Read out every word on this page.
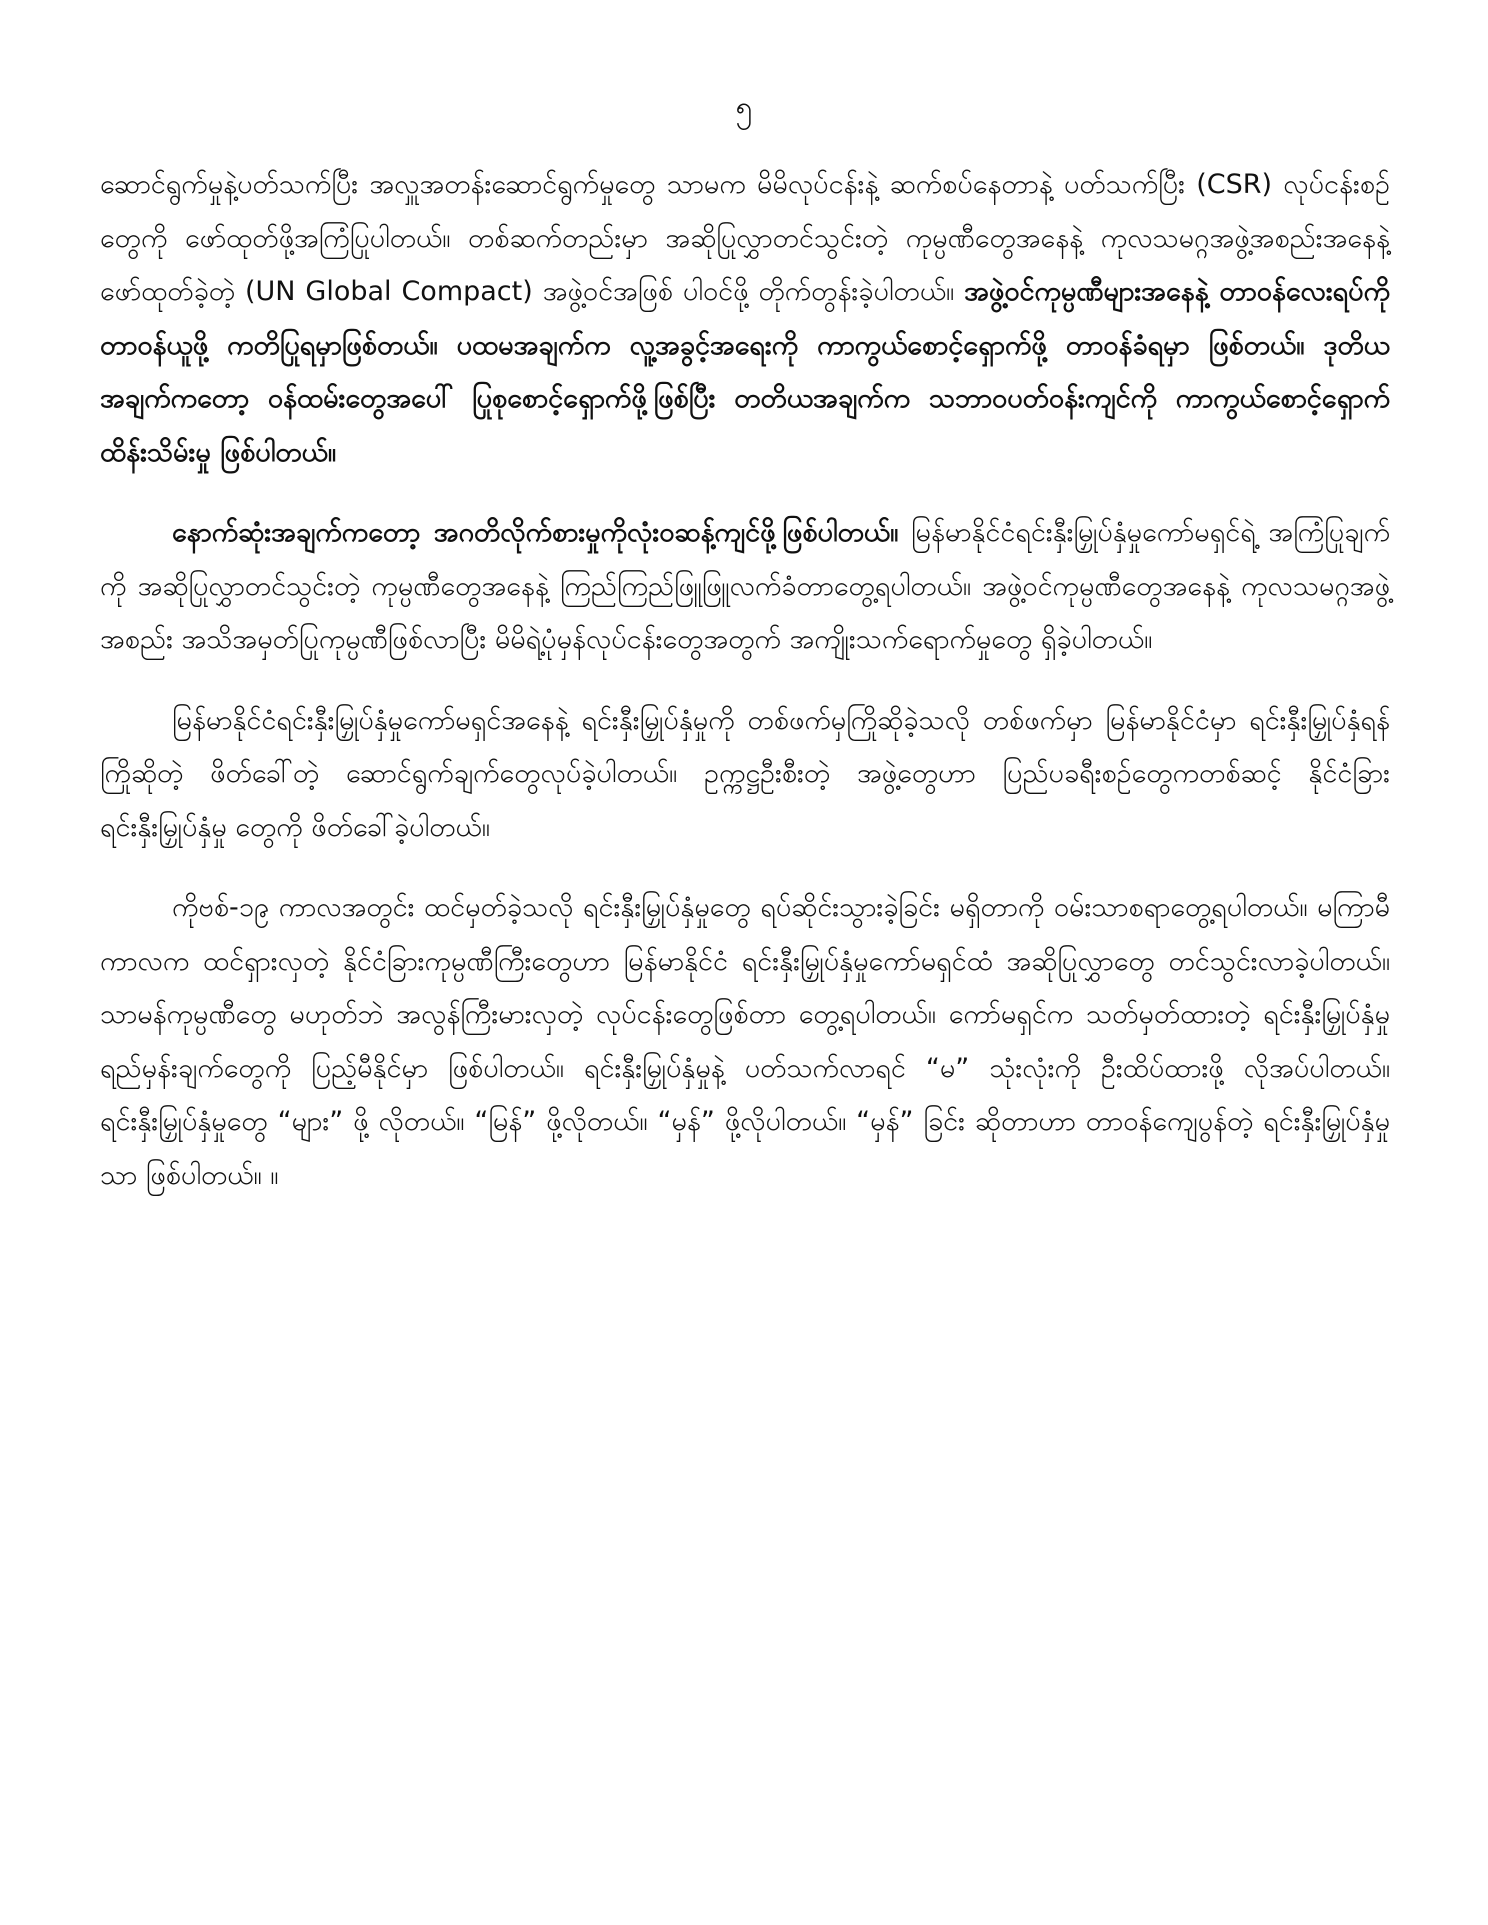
၅

ဆောင်ရွက်မှုနဲ့ပတ်သက်ပြီး အလှူအတန်းဆောင်ရွက်မှုတွေ သာမက မိမိလုပ်ငန်းနဲ့ ဆက်စပ်နေတာနဲ့ ပတ်သက်ပြီး (CSR) လုပ်ငန်းစဉ်တွေကို ဖော်ထုတ်ဖို့အကြံပြုပါတယ်။ တစ်ဆက်တည်းမှာ အဆိုပြုလွှာတင်သွင်းတဲ့ ကုမ္ပဏီတွေအနေနဲ့ ကုလသမဂ္ဂအဖွဲ့အစည်းအနေနဲ့ ဖော်ထုတ်ခဲ့တဲ့ (UN Global Compact) အဖွဲ့ဝင်အဖြစ် ပါဝင်ဖို့ တိုက်တွန်းခဲ့ပါတယ်။ အဖွဲ့ဝင်ကုမ္ပဏီများအနေနဲ့ တာဝန်လေးရပ်ကို တာဝန်ယူဖို့ ကတိပြုရမှာဖြစ်တယ်။ ပထမအချက်က လူ့အခွင့်အရေးကို ကာကွယ်စောင့်ရှောက်ဖို့ တာဝန်ခံရမှာ ဖြစ်တယ်။ ဒုတိယအချက်ကတော့ ဝန်ထမ်းတွေအပေါ် ပြုစုစောင့်ရှောက်ဖို့ဖြစ်ပြီး တတိယအချက်က သဘာဝပတ်ဝန်းကျင်ကို ကာကွယ်စောင့်ရှောက်ထိန်းသိမ်းမှု ဖြစ်ပါတယ်။

နောက်ဆုံးအချက်ကတော့ အဂတိလိုက်စားမှုကိုလုံးဝဆန့်ကျင်ဖို့ဖြစ်ပါတယ်။ မြန်မာနိုင်ငံရင်းနှီးမြှုပ်နှံမှုကော်မရှင်ရဲ့ အကြံပြုချက်ကို အဆိုပြုလွှာတင်သွင်းတဲ့ ကုမ္ပဏီတွေအနေနဲ့ ကြည်ကြည်ဖြူဖြူလက်ခံတာတွေ့ရပါတယ်။ အဖွဲ့ဝင်ကုမ္ပဏီတွေအနေနဲ့ ကုလသမဂ္ဂအဖွဲ့အစည်း အသိအမှတ်ပြုကုမ္ပဏီဖြစ်လာပြီး မိမိရဲ့ပုံမှန်လုပ်ငန်းတွေအတွက် အကျိုးသက်ရောက်မှုတွေ ရှိခဲ့ပါတယ်။

မြန်မာနိုင်ငံရင်းနှီးမြှုပ်နှံမှုကော်မရှင်အနေနဲ့ ရင်းနှီးမြှုပ်နှံမှုကို တစ်ဖက်မှကြိုဆိုခဲ့သလို တစ်ဖက်မှာ မြန်မာနိုင်ငံမှာ ရင်းနှီးမြှုပ်နှံရန် ကြိုဆိုတဲ့ ဖိတ်ခေါ်တဲ့ ဆောင်ရွက်ချက်တွေလုပ်ခဲ့ပါတယ်။ ဥက္ကဋ္ဌဦးစီးတဲ့ အဖွဲ့တွေဟာ ပြည်ပခရီးစဉ်တွေကတစ်ဆင့် နိုင်ငံခြားရင်းနှီးမြှုပ်နှံမှု တွေကို ဖိတ်ခေါ်ခဲ့ပါတယ်။

ကိုဗစ်-၁၉ ကာလအတွင်း ထင်မှတ်ခဲ့သလို ရင်းနှီးမြှုပ်နှံမှုတွေ ရပ်ဆိုင်းသွားခဲ့ခြင်း မရှိတာကို ဝမ်းသာစရာတွေ့ရပါတယ်။ မကြာမီကာလက ထင်ရှားလှတဲ့ နိုင်ငံခြားကုမ္ပဏီကြီးတွေဟာ မြန်မာနိုင်ငံ ရင်းနှီးမြှုပ်နှံမှုကော်မရှင်ထံ အဆိုပြုလွှာတွေ တင်သွင်းလာခဲ့ပါတယ်။ သာမန်ကုမ္ပဏီတွေ မဟုတ်ဘဲ အလွန်ကြီးမားလှတဲ့ လုပ်ငန်းတွေဖြစ်တာ တွေ့ရပါတယ်။ ကော်မရှင်က သတ်မှတ်ထားတဲ့ ရင်းနှီးမြှုပ်နှံမှု ရည်မှန်းချက်တွေကို ပြည့်မီနိုင်မှာ ဖြစ်ပါတယ်။ ရင်းနှီးမြှုပ်နှံမှုနဲ့ ပတ်သက်လာရင် “မ” သုံးလုံးကို ဦးထိပ်ထားဖို့ လိုအပ်ပါတယ်။ ရင်းနှီးမြှုပ်နှံမှုတွေ “များ” ဖို့ လိုတယ်။ “မြန်” ဖို့လိုတယ်။ “မှန်” ဖို့လိုပါတယ်။ “မှန်” ခြင်း ဆိုတာဟာ တာဝန်ကျေပွန်တဲ့ ရင်းနှီးမြှုပ်နှံမှုသာ ဖြစ်ပါတယ်။ ။
